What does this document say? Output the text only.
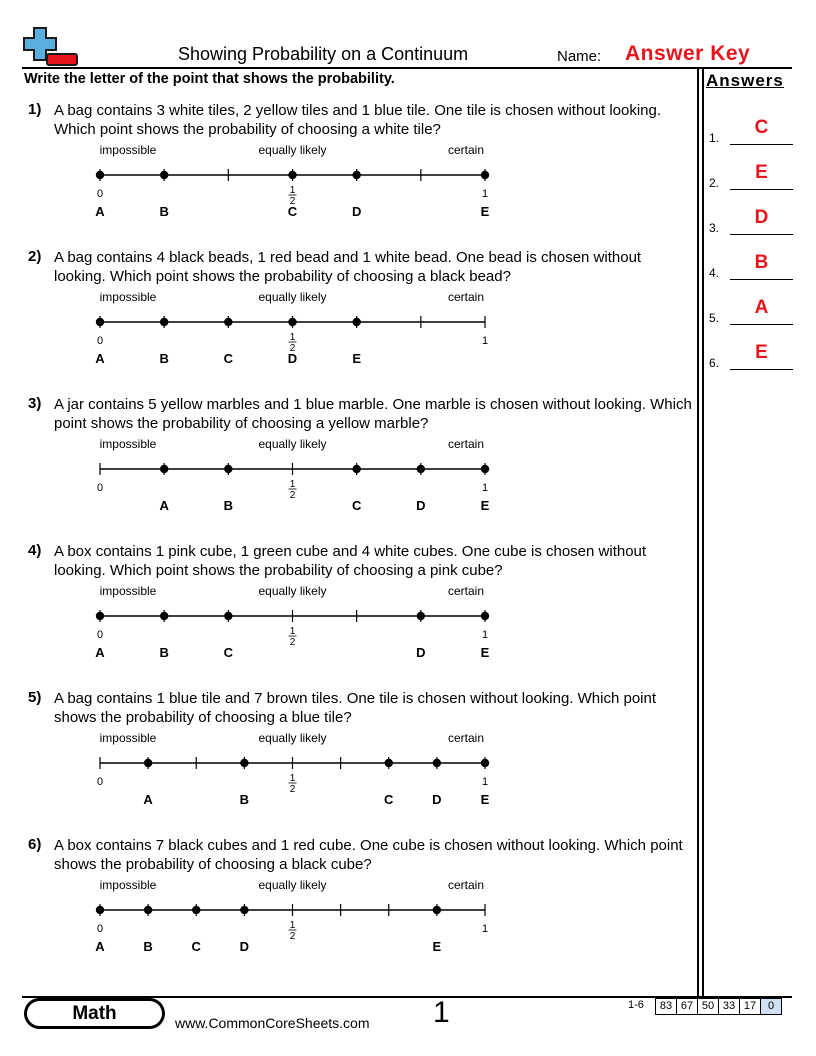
Showing Probability on a Continuum	Name: Answer Key
Write the letter of the point that shows the probability.	Answers
1.	C
2.	E
3.	D
4.	B
5.	A
6.	E
1) A bag contains 3 white tiles, 2 yellow tiles and 1 blue tile. One tile is chosen without looking. Which point shows the probability of choosing a white tile?
impossible	equally likely	certain
0	1
1
2
A	B	C	D	E
2) A bag contains 4 black beads, 1 red bead and 1 white bead. One bead is chosen without looking. Which point shows the probability of choosing a black bead?
impossible	equally likely	certain
0	1
1
2
A	B	C	D	E
3) A jar contains 5 yellow marbles and 1 blue marble. One marble is chosen without looking. Which point shows the probability of choosing a yellow marble?
impossible	equally likely	certain
0	1
1
2
A	B	C	D	E
4) A box contains 1 pink cube, 1 green cube and 4 white cubes. One cube is chosen without looking. Which point shows the probability of choosing a pink cube?
impossible	equally likely	certain
0	1
1
2
A	B	C	D	E
5) A bag contains 1 blue tile and 7 brown tiles. One tile is chosen without looking. Which point shows the probability of choosing a blue tile?
impossible	equally likely	certain
0	1
1
2
A	B	C	D	E
6) A box contains 7 black cubes and 1 red cube. One cube is chosen without looking. Which point shows the probability of choosing a black cube?
impossible	equally likely	certain
0	1
1
2
A	B	C	D	E
Math	www.CommonCoreSheets.com 1	1-6	83 67 50 33 17	0
